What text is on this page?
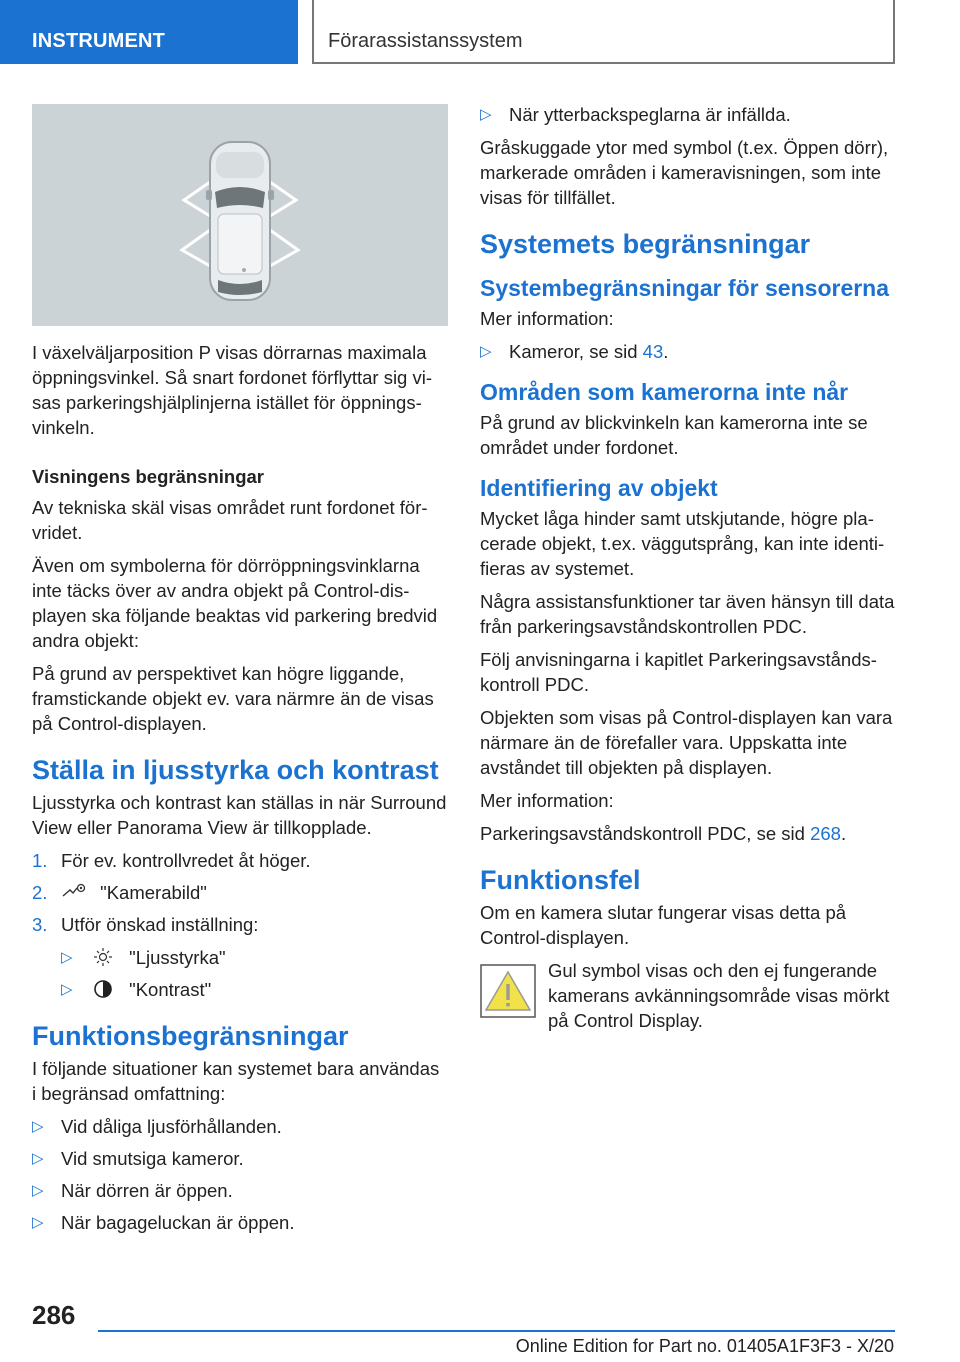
INSTRUMENT	Förarassistanssystem

I växelväljarposition P visas dörrarnas maximala öppningsvinkel. Så snart fordonet förflyttar sig visas parkeringshjälplinjerna istället för öppningsvinkeln.

Visningens begränsningar

Av tekniska skäl visas området runt fordonet förvridet.

Även om symbolerna för dörröppningsvinklarna inte täcks över av andra objekt på Control-displayen ska följande beaktas vid parkering bredvid andra objekt:

På grund av perspektivet kan högre liggande, framstickande objekt ev. vara närmre än de visas på Control-displayen.

Ställa in ljusstyrka och kontrast

Ljusstyrka och kontrast kan ställas in när Surround View eller Panorama View är tillkopplade.

1. För ev. kontrollvredet åt höger.
2.	"Kamerabild"
3. Utför önskad inställning:
▷	"Ljusstyrka"
▷	"Kontrast"
Funktionsbegränsningar

I följande situationer kan systemet bara användas i begränsad omfattning:

▷ Vid dåliga ljusförhållanden.
▷ Vid smutsiga kameror.
▷ När dörren är öppen.
▷ När bagageluckan är öppen.
▷ När ytterbackspeglarna är infällda.

Gråskuggade ytor med symbol (t.ex. Öppen dörr), markerade områden i kameravisningen, som inte visas för tillfället.

Systemets begränsningar
Systembegränsningar för sensorerna

Mer information:

▷ Kameror, se sid 43.
Områden som kamerorna inte når

På grund av blickvinkeln kan kamerorna inte se området under fordonet.

Identifiering av objekt

Mycket låga hinder samt utskjutande, högre placerade objekt, t.ex. väggutsprång, kan inte identifieras av systemet.

Några assistansfunktioner tar även hänsyn till data från parkeringsavståndskontrollen PDC.

Följ anvisningarna i kapitlet Parkeringsavståndskontroll PDC.

Objekten som visas på Control-displayen kan vara närmare än de förefaller vara. Uppskatta inte avståndet till objekten på displayen.

Mer information:

Parkeringsavståndskontroll PDC, se sid 268.

Funktionsfel

Om en kamera slutar fungerar visas detta på Control-displayen.

Gul symbol visas och den ej fungerande kamerans avkänningsområde visas mörkt på Control Display.

286
Online Edition for Part no. 01405A1F3F3 - X/20
